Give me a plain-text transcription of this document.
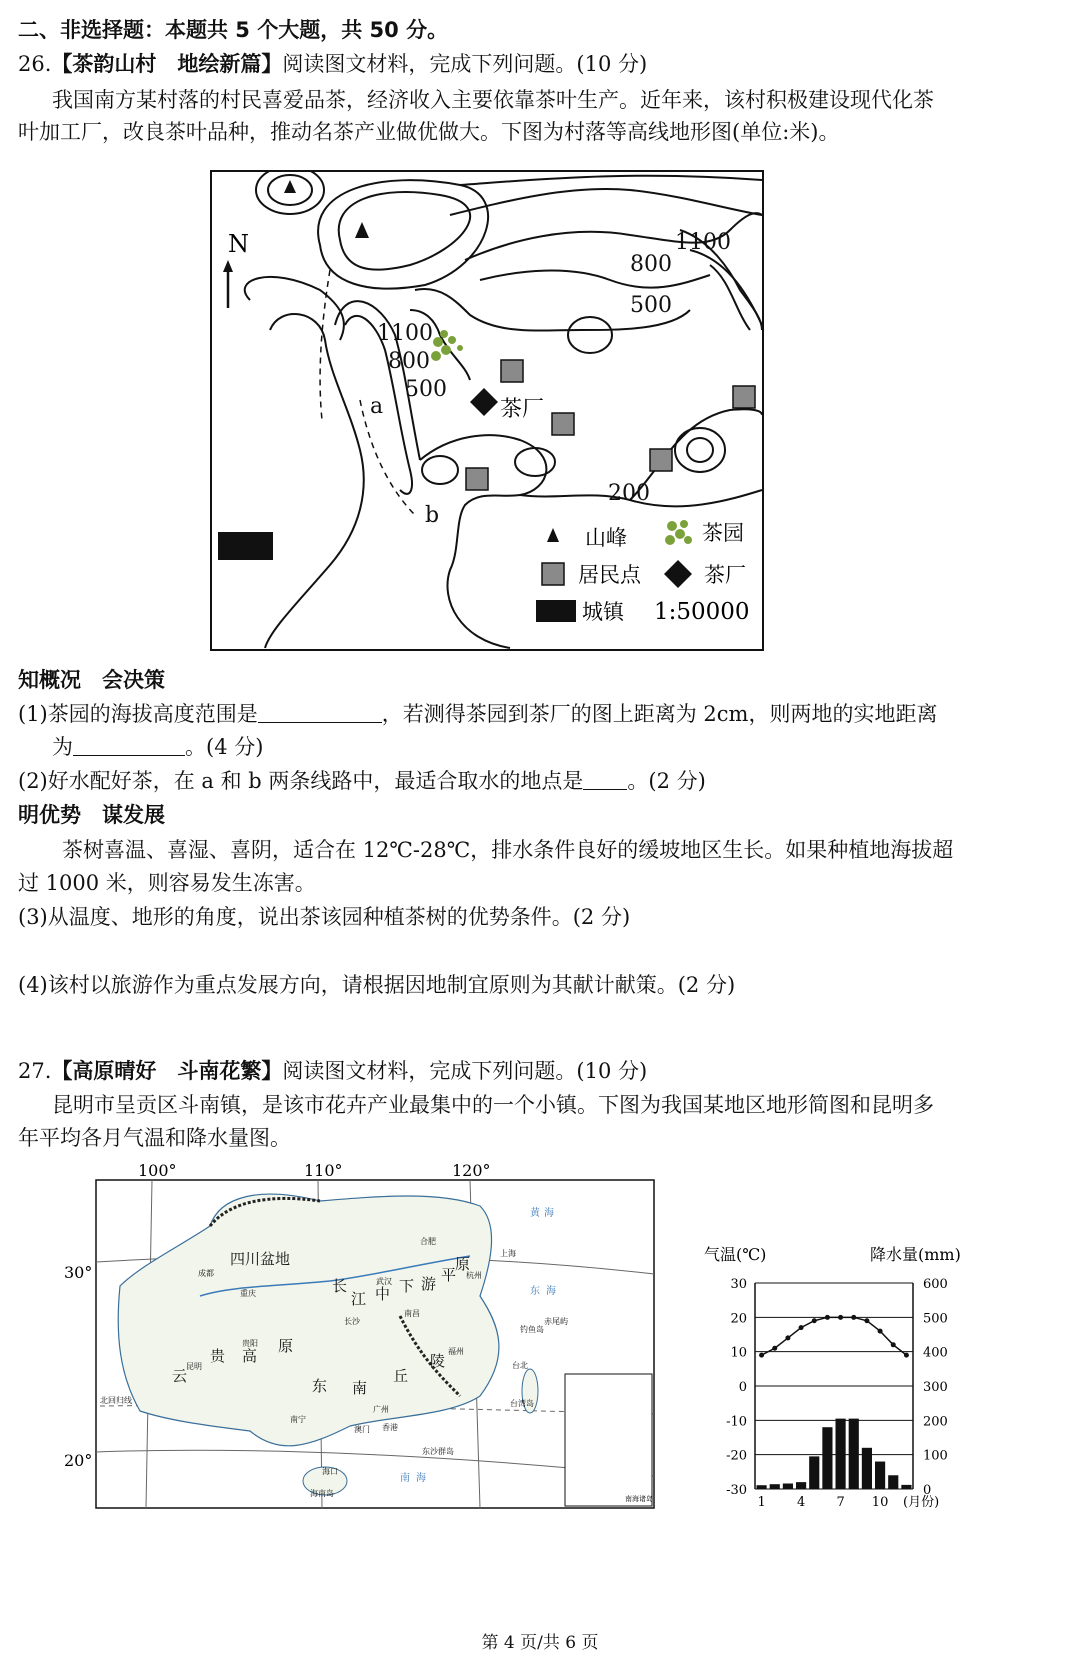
二、非选择题：本题共 5 个大题，共 50 分。
26.【茶韵山村　地绘新篇】阅读图文材料，完成下列问题。(10 分)
我国南方某村落的村民喜爱品茶，经济收入主要依靠茶叶生产。近年来，该村积极建设现代化茶
叶加工厂，改良茶叶品种，推动名茶产业做优做大。下图为村落等高线地形图(单位:米)。
N
茶厂
1100
800
500
1100
800
500
200
a
b
山峰	茶园
居民点	茶厂
城镇 1:50000
知概况　会决策
(1)茶园的海拔高度范围是	，若测得茶园到茶厂的图上距离为 2cm，则两地的实地距离
为	。(4 分)
(2)好水配好茶，在 a 和 b 两条线路中，最适合取水的地点是 。(2 分)
明优势　谋发展
茶树喜温、喜湿、喜阴，适合在 12℃-28℃，排水条件良好的缓坡地区生长。如果种植地海拔超
过 1000 米，则容易发生冻害。
(3)从温度、地形的角度，说出茶该园种植茶树的优势条件。(2 分)
(4)该村以旅游作为重点发展方向，请根据因地制宜原则为其献计献策。(2 分)
27.【高原晴好　斗南花繁】阅读图文材料，完成下列问题。(10 分)
昆明市呈贡区斗南镇，是该市花卉产业最集中的一个小镇。下图为我国某地区地形简图和昆明多
年平均各月气温和降水量图。
100°	110°	120°
30°
20°
南海诸岛
四川盆地
长
江 中 下 游 平
原
云
贵 高
原
东 南
丘
陵
成都
重庆
武汉
合肥
上海
杭州
长沙
南昌
贵阳
昆明
福州
台北
广州
香港
澳门
南宁
海口
台湾岛
海南岛
钓鱼岛
赤尾屿
东沙群岛
北回归线
黄 海
东 海
南 海
气温(℃)	降水量(mm)
30	600
20	500
10	400
0	300
-10	200
-20	100
-30	0
1 4 7 10 (月份)
第 4 页/共 6 页
